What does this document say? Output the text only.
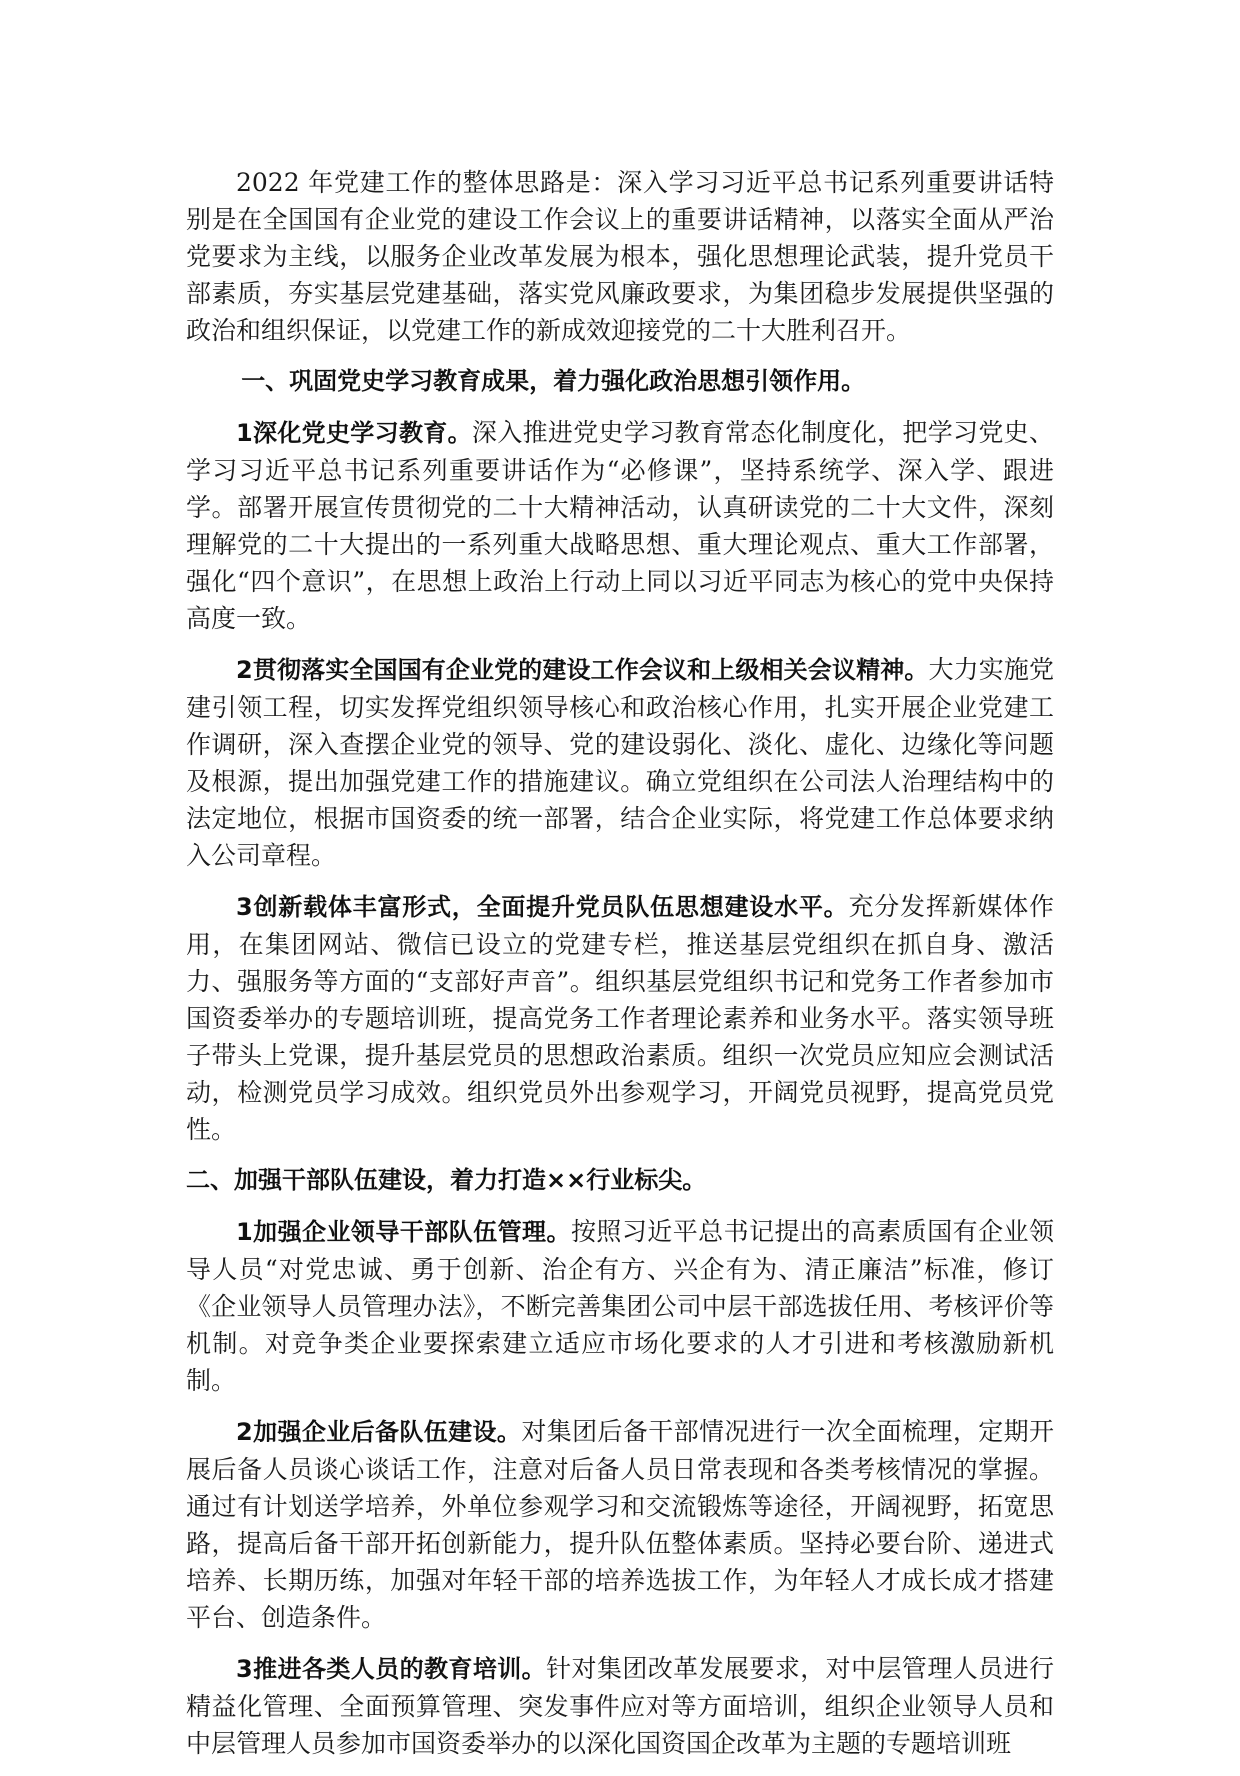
2022 年党建工作的整体思路是：深入学习习近平总书记系列重要讲话特别是在全国国有企业党的建设工作会议上的重要讲话精神，以落实全面从严治党要求为主线，以服务企业改革发展为根本，强化思想理论武装，提升党员干部素质，夯实基层党建基础，落实党风廉政要求，为集团稳步发展提供坚强的政治和组织保证，以党建工作的新成效迎接党的二十大胜利召开。

一、巩固党史学习教育成果，着力强化政治思想引领作用。

1深化党史学习教育。深入推进党史学习教育常态化制度化，把学习党史、学习习近平总书记系列重要讲话作为“必修课”，坚持系统学、深入学、跟进学。部署开展宣传贯彻党的二十大精神活动，认真研读党的二十大文件，深刻理解党的二十大提出的一系列重大战略思想、重大理论观点、重大工作部署，强化“四个意识”，在思想上政治上行动上同以习近平同志为核心的党中央保持高度一致。

2贯彻落实全国国有企业党的建设工作会议和上级相关会议精神。大力实施党建引领工程，切实发挥党组织领导核心和政治核心作用，扎实开展企业党建工作调研，深入查摆企业党的领导、党的建设弱化、淡化、虚化、边缘化等问题及根源，提出加强党建工作的措施建议。确立党组织在公司法人治理结构中的法定地位，根据市国资委的统一部署，结合企业实际，将党建工作总体要求纳入公司章程。

3创新载体丰富形式，全面提升党员队伍思想建设水平。充分发挥新媒体作用，在集团网站、微信已设立的党建专栏，推送基层党组织在抓自身、激活力、强服务等方面的“支部好声音”。组织基层党组织书记和党务工作者参加市国资委举办的专题培训班，提高党务工作者理论素养和业务水平。落实领导班子带头上党课，提升基层党员的思想政治素质。组织一次党员应知应会测试活动，检测党员学习成效。组织党员外出参观学习，开阔党员视野，提高党员党性。

二、加强干部队伍建设，着力打造××行业标尖。

1加强企业领导干部队伍管理。按照习近平总书记提出的高素质国有企业领导人员“对党忠诚、勇于创新、治企有方、兴企有为、清正廉洁”标准，修订《企业领导人员管理办法》，不断完善集团公司中层干部选拔任用、考核评价等机制。对竞争类企业要探索建立适应市场化要求的人才引进和考核激励新机制。

2加强企业后备队伍建设。对集团后备干部情况进行一次全面梳理，定期开展后备人员谈心谈话工作，注意对后备人员日常表现和各类考核情况的掌握。通过有计划送学培养，外单位参观学习和交流锻炼等途径，开阔视野，拓宽思路，提高后备干部开拓创新能力，提升队伍整体素质。坚持必要台阶、递进式培养、长期历练，加强对年轻干部的培养选拔工作，为年轻人才成长成才搭建平台、创造条件。

3推进各类人员的教育培训。针对集团改革发展要求，对中层管理人员进行精益化管理、全面预算管理、突发事件应对等方面培训，组织企业领导人员和中层管理人员参加市国资委举办的以深化国资国企改革为主题的专题培训班
